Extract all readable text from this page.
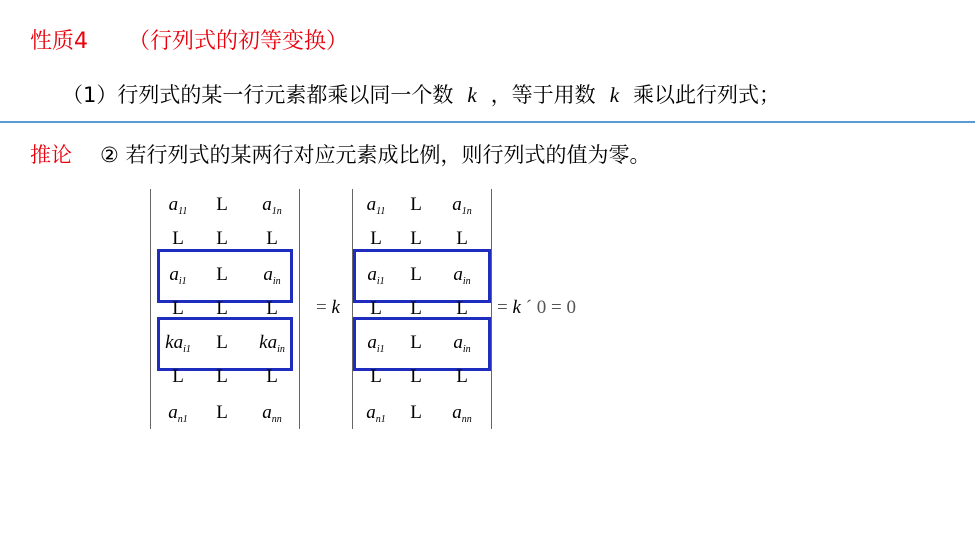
性质4 （行列式的初等变换）
（1）行列式的某一行元素都乘以同一个数 k ，等于用数 k 乘以此行列式；
推论 ② 若行列式的某两行对应元素成比例，则行列式的值为零。
$a_{11}$	L	$a_{1n}$
L	L	L
$a_{i1}$	L	$a_{in}$
L	L	L
$ka_{i1}$	L	$ka_{in}$
L	L	L
$a_{n1}$	L	$a_{nn}$
= k
$a_{11}$	L	$a_{1n}$
L	L	L
$a_{i1}$	L	$a_{in}$
L	L	L
$a_{i1}$	L	$a_{in}$
L	L	L
$a_{n1}$	L	$a_{nn}$
= k ´ 0 = 0
